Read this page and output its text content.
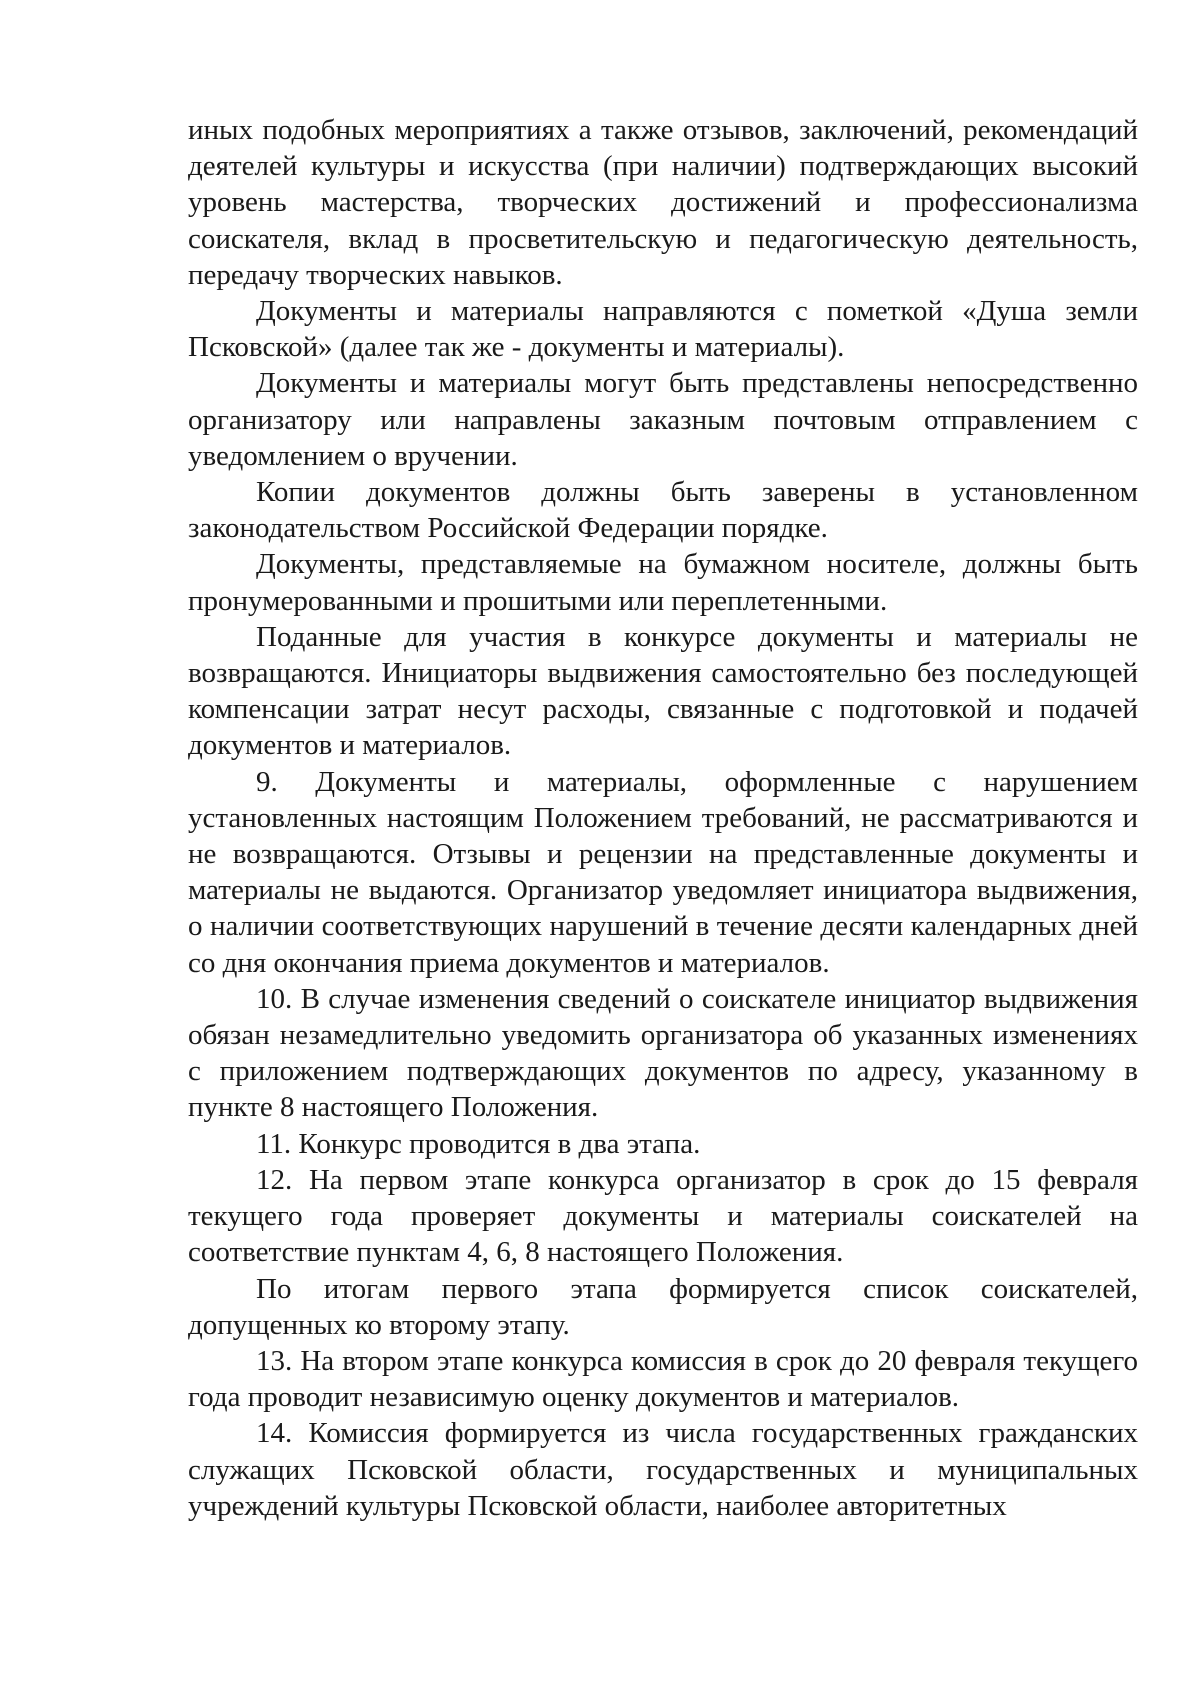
иных подобных мероприятиях а также отзывов, заключений, рекомендаций деятелей культуры и искусства (при наличии) подтверждающих высокий уровень мастерства, творческих достижений и профессионализма соискателя, вклад в просветительскую и педагогическую деятельность, передачу творческих навыков.

Документы и материалы направляются с пометкой «Душа земли Псковской» (далее так же - документы и материалы).

Документы и материалы могут быть представлены непосредственно организатору или направлены заказным почтовым отправлением с уведомлением о вручении.

Копии документов должны быть заверены в установленном законодательством Российской Федерации порядке.

Документы, представляемые на бумажном носителе, должны быть пронумерованными и прошитыми или переплетенными.

Поданные для участия в конкурсе документы и материалы не возвращаются. Инициаторы выдвижения самостоятельно без последующей компенсации затрат несут расходы, связанные с подготовкой и подачей документов и материалов.

9. Документы и материалы, оформленные с нарушением установленных настоящим Положением требований, не рассматриваются и не возвращаются. Отзывы и рецензии на представленные документы и материалы не выдаются. Организатор уведомляет инициатора выдвижения, о наличии соответствующих нарушений в течение десяти календарных дней со дня окончания приема документов и материалов.

10. В случае изменения сведений о соискателе инициатор выдвижения обязан незамедлительно уведомить организатора об указанных изменениях с приложением подтверждающих документов по адресу, указанному в пункте 8 настоящего Положения.

11. Конкурс проводится в два этапа.

12. На первом этапе конкурса организатор в срок до 15 февраля текущего года проверяет документы и материалы соискателей на соответствие пунктам 4, 6, 8 настоящего Положения.

По итогам первого этапа формируется список соискателей, допущенных ко второму этапу.

13. На втором этапе конкурса комиссия в срок до 20 февраля текущего года проводит независимую оценку документов и материалов.

14. Комиссия формируется из числа государственных гражданских служащих Псковской области, государственных и муниципальных учреждений культуры Псковской области, наиболее авторитетных
